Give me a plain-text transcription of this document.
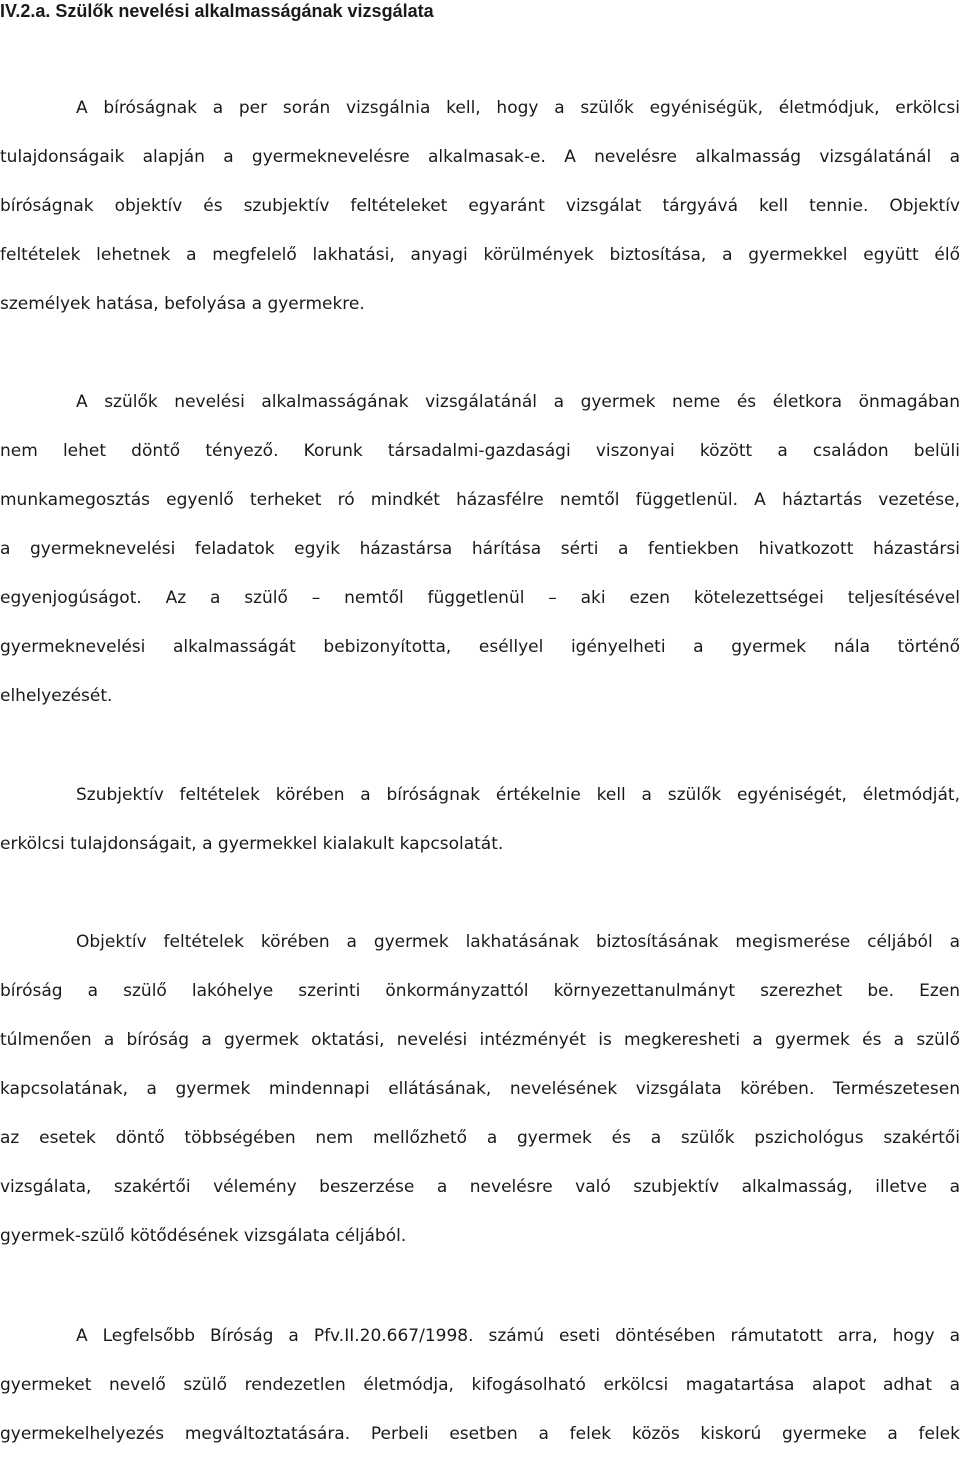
IV.2.a. Szülők nevelési alkalmasságának vizsgálata
A bíróságnak a per során vizsgálnia kell, hogy a szülők egyéniségük, életmódjuk, erkölcsi
tulajdonságaik alapján a gyermeknevelésre alkalmasak-e. A nevelésre alkalmasság vizsgálatánál a
bíróságnak objektív és szubjektív feltételeket egyaránt vizsgálat tárgyává kell tennie. Objektív
feltételek lehetnek a megfelelő lakhatási, anyagi körülmények biztosítása, a gyermekkel együtt élő
személyek hatása, befolyása a gyermekre.
A szülők nevelési alkalmasságának vizsgálatánál a gyermek neme és életkora önmagában
nem lehet döntő tényező. Korunk társadalmi-gazdasági viszonyai között a családon belüli
munkamegosztás egyenlő terheket ró mindkét házasfélre nemtől függetlenül. A háztartás vezetése,
a gyermeknevelési feladatok egyik házastársa hárítása sérti a fentiekben hivatkozott házastársi
egyenjogúságot. Az a szülő – nemtől függetlenül – aki ezen kötelezettségei teljesítésével
gyermeknevelési alkalmasságát bebizonyította, eséllyel igényelheti a gyermek nála történő
elhelyezését.
Szubjektív feltételek körében a bíróságnak értékelnie kell a szülők egyéniségét, életmódját,
erkölcsi tulajdonságait, a gyermekkel kialakult kapcsolatát.
Objektív feltételek körében a gyermek lakhatásának biztosításának megismerése céljából a
bíróság a szülő lakóhelye szerinti önkormányzattól környezettanulmányt szerezhet be. Ezen
túlmenően a bíróság a gyermek oktatási, nevelési intézményét is megkeresheti a gyermek és a szülő
kapcsolatának, a gyermek mindennapi ellátásának, nevelésének vizsgálata körében. Természetesen
az esetek döntő többségében nem mellőzhető a gyermek és a szülők pszichológus szakértői
vizsgálata, szakértői vélemény beszerzése a nevelésre való szubjektív alkalmasság, illetve a
gyermek-szülő kötődésének vizsgálata céljából.
A Legfelsőbb Bíróság a Pfv.II.20.667/1998. számú eseti döntésében rámutatott arra, hogy a
gyermeket nevelő szülő rendezetlen életmódja, kifogásolható erkölcsi magatartása alapot adhat a
gyermekelhelyezés megváltoztatására. Perbeli esetben a felek közös kiskorú gyermeke a felek
